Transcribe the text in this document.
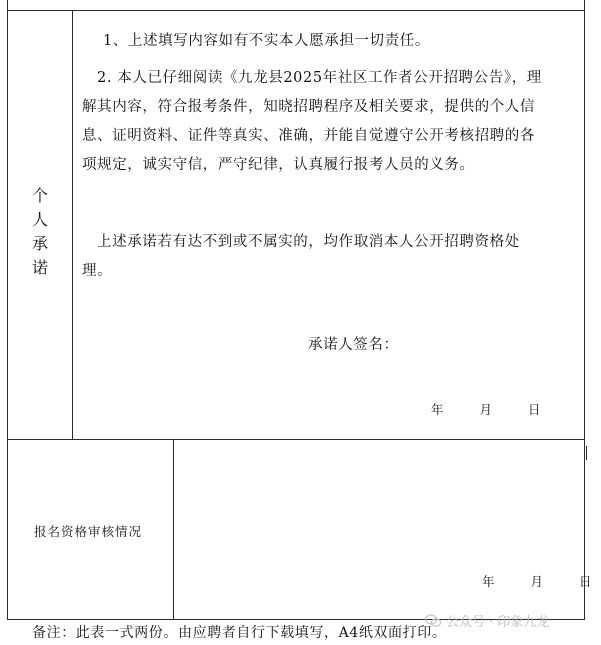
个
人
承
诺
1、上述填写内容如有不实本人愿承担一切责任。
2. 本人已仔细阅读《九龙县2025年社区工作者公开招聘公告》，理
解其内容，符合报考条件，知晓招聘程序及相关要求，提供的个人信
息、证明资料、证件等真实、准确，并能自觉遵守公开考核招聘的各
项规定，诚实守信，严守纪律，认真履行报考人员的义务。
上述承诺若有达不到或不属实的，均作取消本人公开招聘资格处
理。
承诺人签名：
年	月	日
报名资格审核情况
年	月	日
公众号 · 印象九龙
备注：此表一式两份。由应聘者自行下载填写，A4纸双面打印。
